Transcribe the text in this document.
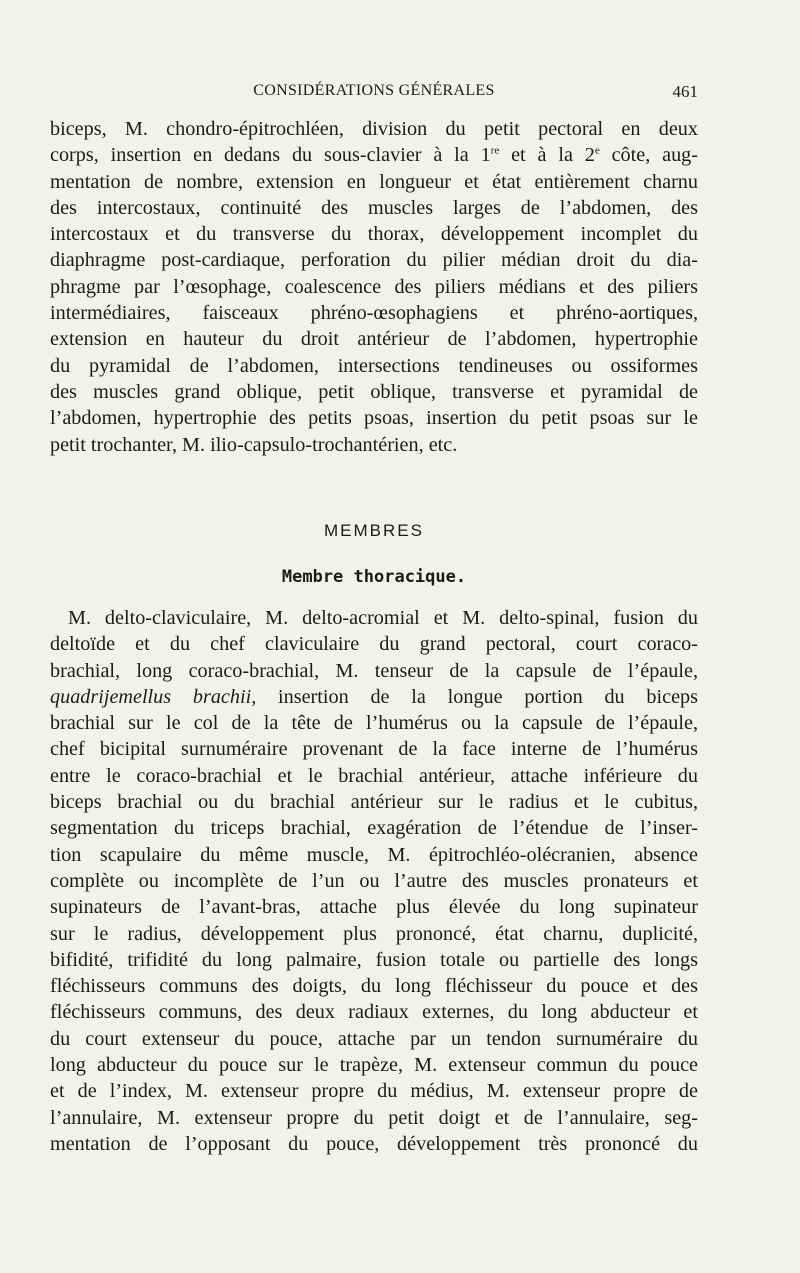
CONSIDÉRATIONS GÉNÉRALES	461
biceps, M. chondro-épitrochléen, division du petit pectoral en deux
corps, insertion en dedans du sous-clavier à la 1re et à la 2e côte, aug-
mentation de nombre, extension en longueur et état entièrement charnu
des intercostaux, continuité des muscles larges de l’abdomen, des
intercostaux et du transverse du thorax, développement incomplet du
diaphragme post-cardiaque, perforation du pilier médian droit du dia-
phragme par l’œsophage, coalescence des piliers médians et des piliers
intermédiaires, faisceaux phréno-œsophagiens et phréno-aortiques,
extension en hauteur du droit antérieur de l’abdomen, hypertrophie
du pyramidal de l’abdomen, intersections tendineuses ou ossiformes
des muscles grand oblique, petit oblique, transverse et pyramidal de
l’abdomen, hypertrophie des petits psoas, insertion du petit psoas sur le
petit trochanter, M. ilio-capsulo-trochantérien, etc.
MEMBRES
Membre thoracique.
M. delto-claviculaire, M. delto-acromial et M. delto-spinal, fusion du
deltoïde et du chef claviculaire du grand pectoral, court coraco-
brachial, long coraco-brachial, M. tenseur de la capsule de l’épaule,
quadrijemellus brachii, insertion de la longue portion du biceps
brachial sur le col de la tête de l’humérus ou la capsule de l’épaule,
chef bicipital surnuméraire provenant de la face interne de l’humérus
entre le coraco-brachial et le brachial antérieur, attache inférieure du
biceps brachial ou du brachial antérieur sur le radius et le cubitus,
segmentation du triceps brachial, exagération de l’étendue de l’inser-
tion scapulaire du même muscle, M. épitrochléo-olécranien, absence
complète ou incomplète de l’un ou l’autre des muscles pronateurs et
supinateurs de l’avant-bras, attache plus élevée du long supinateur
sur le radius, développement plus prononcé, état charnu, duplicité,
bifidité, trifidité du long palmaire, fusion totale ou partielle des longs
fléchisseurs communs des doigts, du long fléchisseur du pouce et des
fléchisseurs communs, des deux radiaux externes, du long abducteur et
du court extenseur du pouce, attache par un tendon surnuméraire du
long abducteur du pouce sur le trapèze, M. extenseur commun du pouce
et de l’index, M. extenseur propre du médius, M. extenseur propre de
l’annulaire, M. extenseur propre du petit doigt et de l’annulaire, seg-
mentation de l’opposant du pouce, développement très prononcé du
